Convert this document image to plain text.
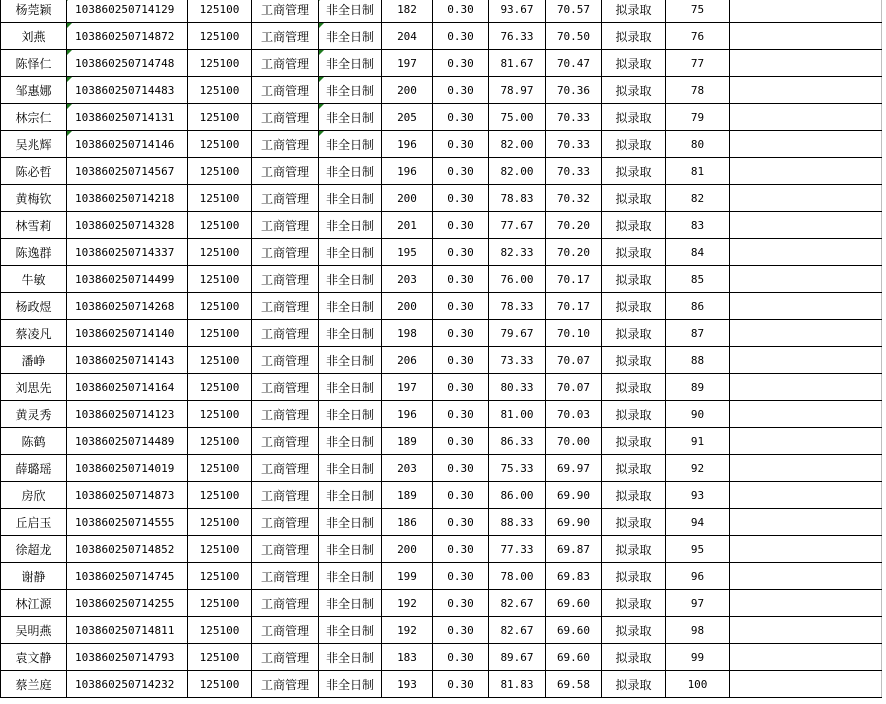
杨莞颖	103860250714129	125100	工商管理	非全日制	182	0.30	93.67	70.57	拟录取	75	
刘燕	103860250714872	125100	工商管理	非全日制	204	0.30	76.33	70.50	拟录取	76	
陈怿仁	103860250714748	125100	工商管理	非全日制	197	0.30	81.67	70.47	拟录取	77	
邹惠娜	103860250714483	125100	工商管理	非全日制	200	0.30	78.97	70.36	拟录取	78	
林宗仁	103860250714131	125100	工商管理	非全日制	205	0.30	75.00	70.33	拟录取	79	
吴兆辉	103860250714146	125100	工商管理	非全日制	196	0.30	82.00	70.33	拟录取	80	
陈必哲	103860250714567	125100	工商管理	非全日制	196	0.30	82.00	70.33	拟录取	81	
黄梅钦	103860250714218	125100	工商管理	非全日制	200	0.30	78.83	70.32	拟录取	82	
林雪莉	103860250714328	125100	工商管理	非全日制	201	0.30	77.67	70.20	拟录取	83	
陈逸群	103860250714337	125100	工商管理	非全日制	195	0.30	82.33	70.20	拟录取	84	
牛敏	103860250714499	125100	工商管理	非全日制	203	0.30	76.00	70.17	拟录取	85	
杨政煜	103860250714268	125100	工商管理	非全日制	200	0.30	78.33	70.17	拟录取	86	
蔡凌凡	103860250714140	125100	工商管理	非全日制	198	0.30	79.67	70.10	拟录取	87	
潘峥	103860250714143	125100	工商管理	非全日制	206	0.30	73.33	70.07	拟录取	88	
刘思先	103860250714164	125100	工商管理	非全日制	197	0.30	80.33	70.07	拟录取	89	
黄灵秀	103860250714123	125100	工商管理	非全日制	196	0.30	81.00	70.03	拟录取	90	
陈鹤	103860250714489	125100	工商管理	非全日制	189	0.30	86.33	70.00	拟录取	91	
薛璐瑶	103860250714019	125100	工商管理	非全日制	203	0.30	75.33	69.97	拟录取	92	
房欣	103860250714873	125100	工商管理	非全日制	189	0.30	86.00	69.90	拟录取	93	
丘启玉	103860250714555	125100	工商管理	非全日制	186	0.30	88.33	69.90	拟录取	94	
徐超龙	103860250714852	125100	工商管理	非全日制	200	0.30	77.33	69.87	拟录取	95	
谢静	103860250714745	125100	工商管理	非全日制	199	0.30	78.00	69.83	拟录取	96	
林江源	103860250714255	125100	工商管理	非全日制	192	0.30	82.67	69.60	拟录取	97	
吴明燕	103860250714811	125100	工商管理	非全日制	192	0.30	82.67	69.60	拟录取	98	
袁文静	103860250714793	125100	工商管理	非全日制	183	0.30	89.67	69.60	拟录取	99	
蔡兰庭	103860250714232	125100	工商管理	非全日制	193	0.30	81.83	69.58	拟录取	100	
